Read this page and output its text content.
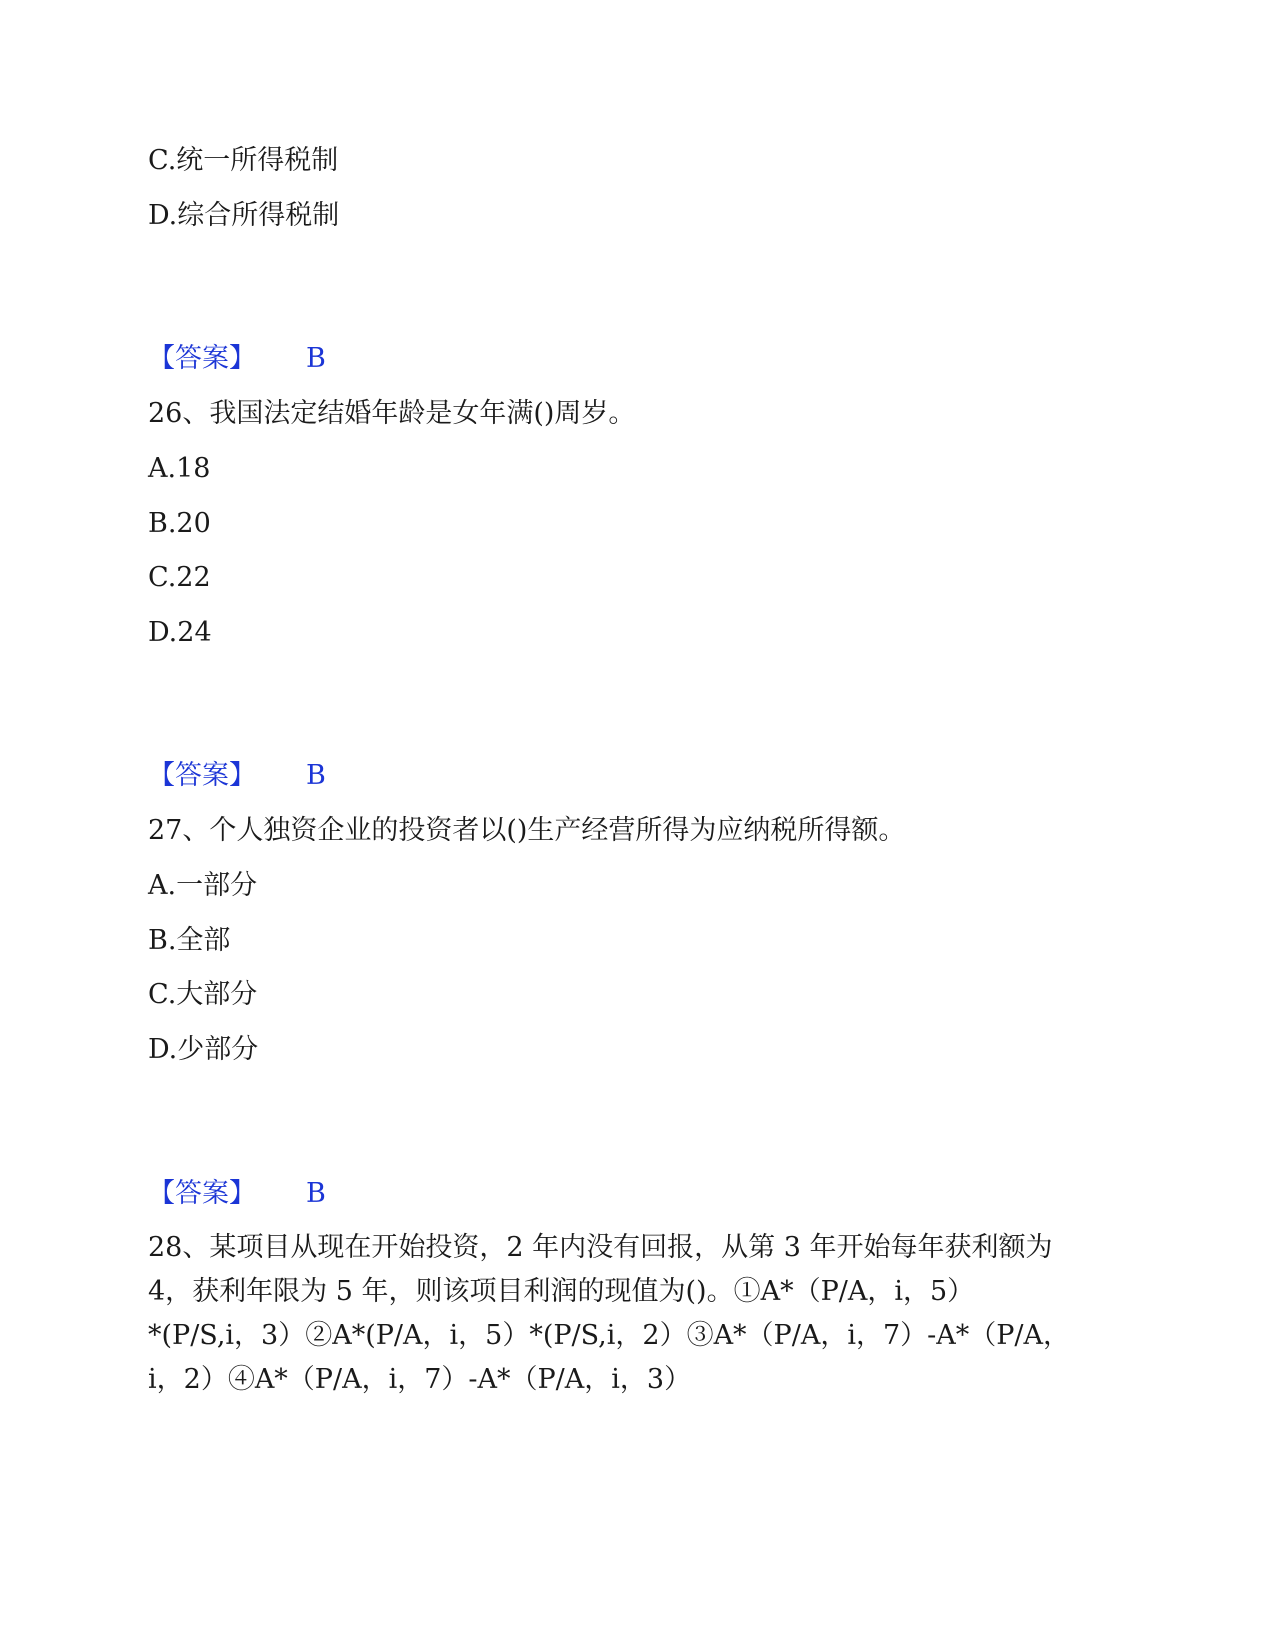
C.统一所得税制
D.综合所得税制
【答案】 B
26、我国法定结婚年龄是女年满()周岁。
A.18
B.20
C.22
D.24
【答案】 B
27、个人独资企业的投资者以()生产经营所得为应纳税所得额。
A.一部分
B.全部
C.大部分
D.少部分
【答案】 B
28、某项目从现在开始投资，2 年内没有回报，从第 3 年开始每年获利额为
4，获利年限为 5 年，则该项目利润的现值为()。①A*（P/A，i，5）
*(P/S,i，3）②A*(P/A，i，5）*(P/S,i，2）③A*（P/A，i，7）-A*（P/A，
i，2）④A*（P/A，i，7）-A*（P/A，i，3）
